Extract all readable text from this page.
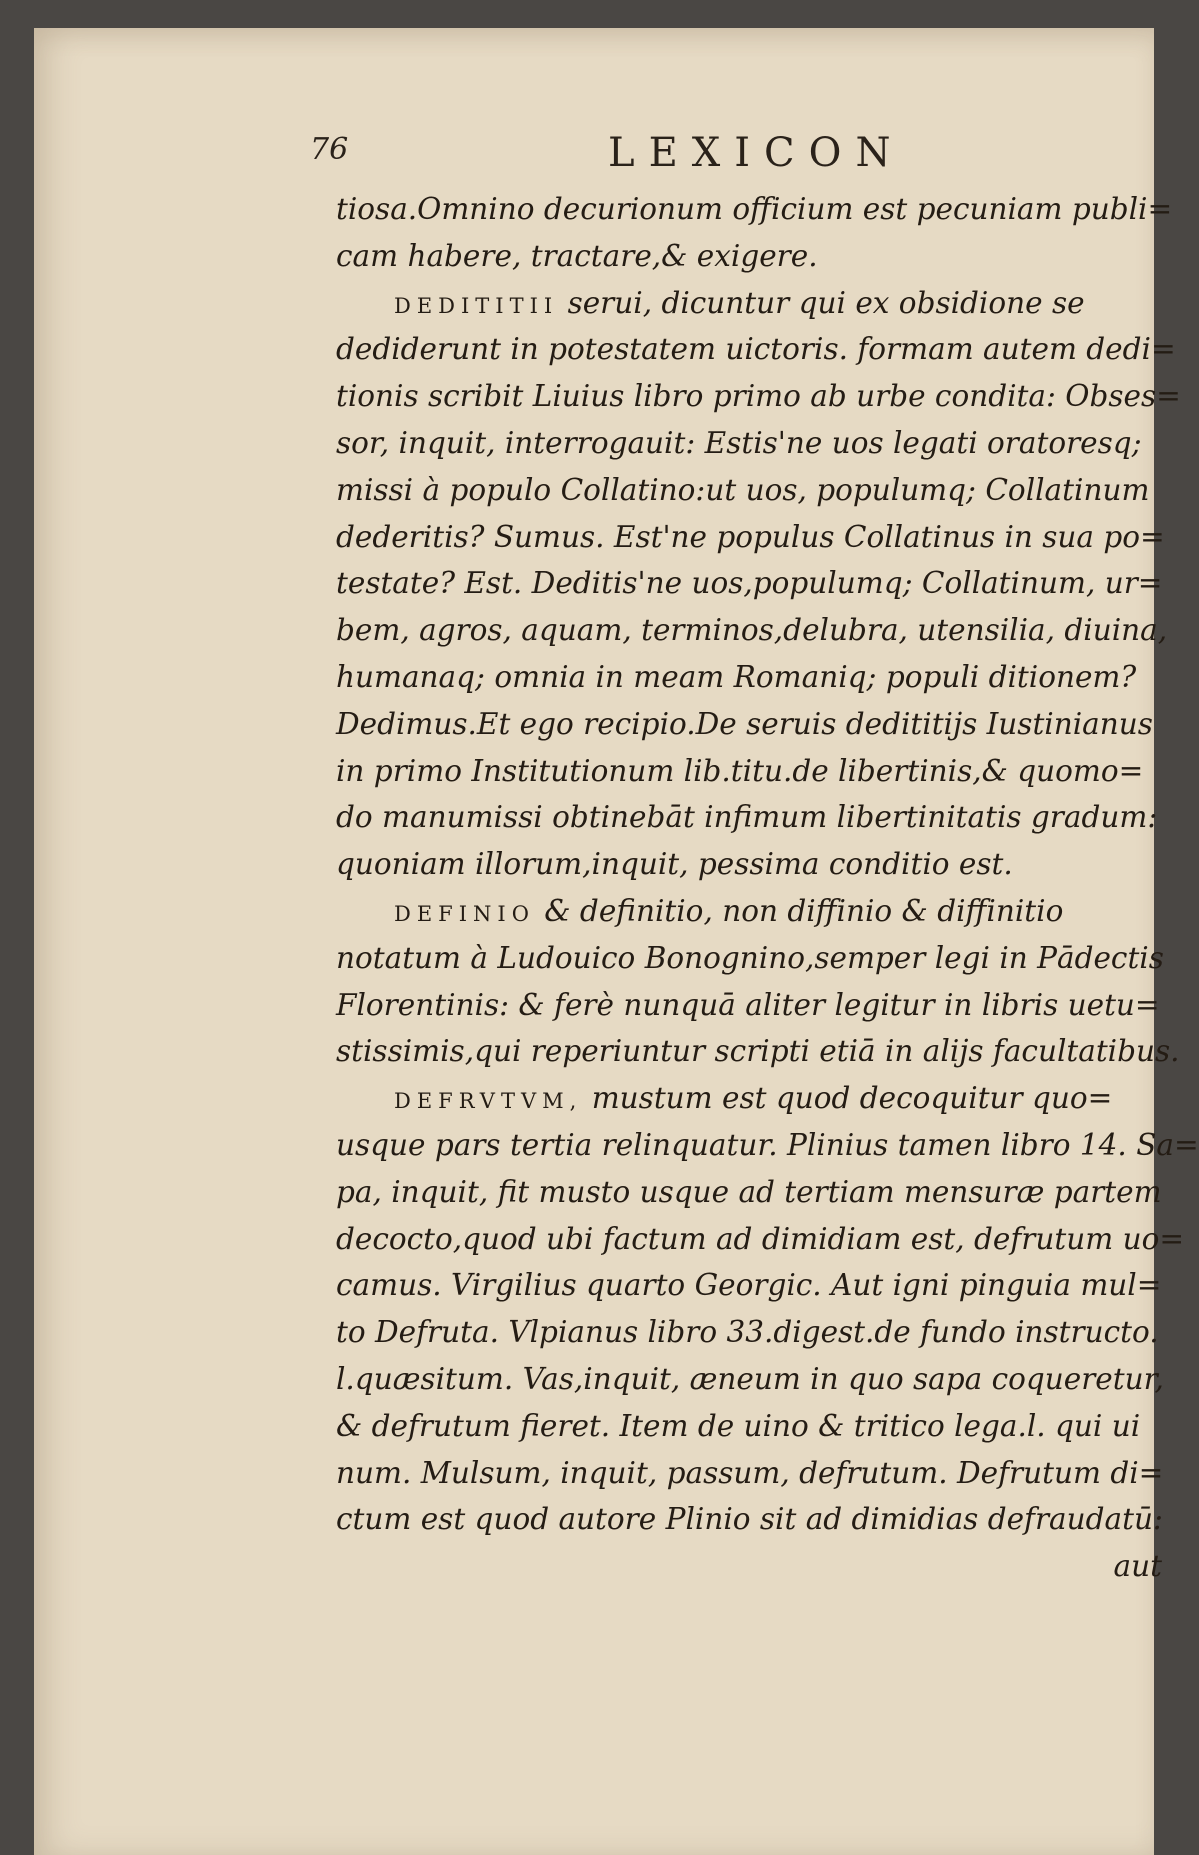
76	LEXICON
tiosa.Omnino decurionum officium est pecuniam publi=
cam habere, tractare,& exigere.
DEDITITII serui, dicuntur qui ex obsidione se
dediderunt in potestatem uictoris. formam autem dedi=
tionis scribit Liuius libro primo ab urbe condita: Obses=
sor, inquit, interrogauit: Estis'ne uos legati oratoresq;
missi à populo Collatino:ut uos, populumq; Collatinum
dederitis? Sumus. Est'ne populus Collatinus in sua po=
testate? Est. Deditis'ne uos,populumq; Collatinum, ur=
bem, agros, aquam, terminos,delubra, utensilia, diuina,
humanaq; omnia in meam Romaniq; populi ditionem?
Dedimus.Et ego recipio.De seruis dedititijs Iustinianus
in primo Institutionum lib.titu.de libertinis,& quomo=
do manumissi obtinebāt infimum libertinitatis gradum:
quoniam illorum,inquit, pessima conditio est.
DEFINIO & definitio, non diffinio & diffinitio
notatum à Ludouico Bonognino,semper legi in Pādectis
Florentinis: & ferè nunquā aliter legitur in libris uetu=
stissimis,qui reperiuntur scripti etiā in alijs facultatibus.
DEFRVTVM, mustum est quod decoquitur quo=
usque pars tertia relinquatur. Plinius tamen libro 14. Sa=
pa, inquit, fit musto usque ad tertiam mensuræ partem
decocto,quod ubi factum ad dimidiam est, defrutum uo=
camus. Virgilius quarto Georgic. Aut igni pinguia mul=
to Defruta. Vlpianus libro 33.digest.de fundo instructo.
l.quæsitum. Vas,inquit, æneum in quo sapa coqueretur,
& defrutum fieret. Item de uino & tritico lega.l. qui ui
num. Mulsum, inquit, passum, defrutum. Defrutum di=
ctum est quod autore Plinio sit ad dimidias defraudatū:
aut
